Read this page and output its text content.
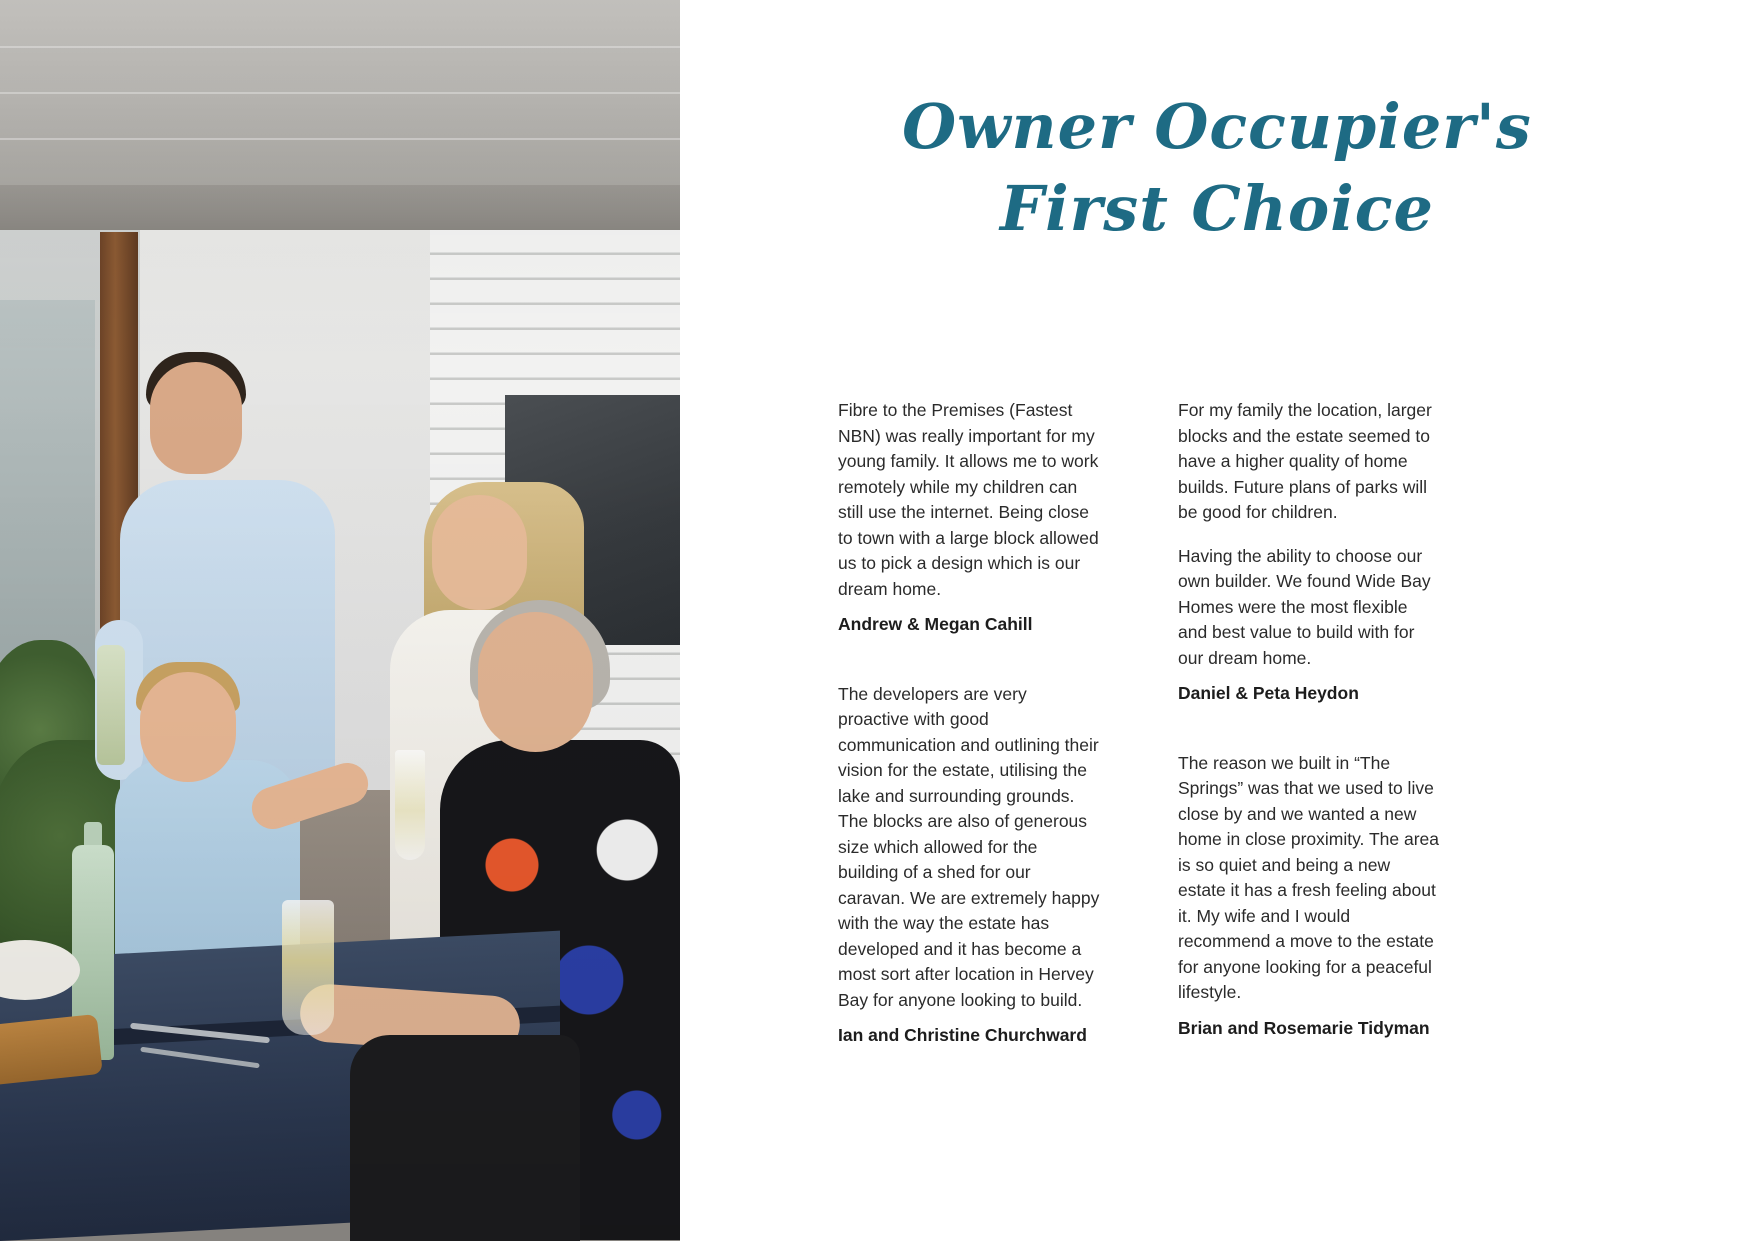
Owner Occupier's
First Choice

Fibre to the Premises (Fastest NBN) was really important for my young family. It allows me to work remotely while my children can still use the internet. Being close to town with a large block allowed us to pick a design which is our dream home.

Andrew & Megan Cahill

The developers are very proactive with good communication and outlining their vision for the estate, utilising the lake and surrounding grounds. The blocks are also of generous size which allowed for the building of a shed for our caravan. We are extremely happy with the way the estate has developed and it has become a most sort after location in Hervey Bay for anyone looking to build.

Ian and Christine Churchward

For my family the location, larger blocks and the estate seemed to have a higher quality of home builds. Future plans of parks will be good for children.

Having the ability to choose our own builder. We found Wide Bay Homes were the most flexible and best value to build with for our dream home.

Daniel & Peta Heydon

The reason we built in “The Springs” was that we used to live close by and we wanted a new home in close proximity. The area is so quiet and being a new estate it has a fresh feeling about it. My wife and I would recommend a move to the estate for anyone looking for a peaceful lifestyle.

Brian and Rosemarie Tidyman
